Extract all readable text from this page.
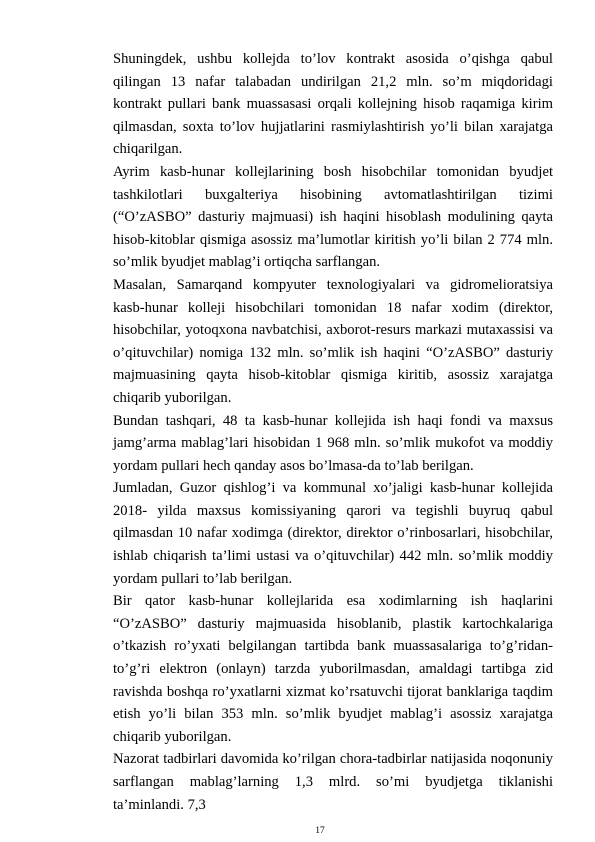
Shuningdek, ushbu kollejda to’lov kontrakt asosida o’qishga qabul qilingan 13 nafar talabadan undirilgan 21,2 mln. so’m miqdoridagi kontrakt pullari bank muassasasi orqali kollejning hisob raqamiga kirim qilmasdan, soxta to’lov hujjatlarini rasmiylashtirish yo’li bilan xarajatga chiqarilgan.

Ayrim kasb-hunar kollejlarining bosh hisobchilar tomonidan byudjet tashkilotlari buxgalteriya hisobining avtomatlashtirilgan tizimi (“O’zASBO” dasturiy majmuasi) ish haqini hisoblash modulining qayta hisob-kitoblar qismiga asossiz ma’lumotlar kiritish yo’li bilan 2 774 mln. so’mlik byudjet mablag’i ortiqcha sarflangan.

Masalan, Samarqand kompyuter texnologiyalari va gidromelioratsiya kasb-hunar kolleji hisobchilari tomonidan 18 nafar xodim (direktor, hisobchilar, yotoqxona navbatchisi, axborot-resurs markazi mutaxassisi va o’qituvchilar) nomiga 132 mln. so’mlik ish haqini “O’zASBO” dasturiy majmuasining qayta hisob-kitoblar qismiga kiritib, asossiz xarajatga chiqarib yuborilgan.

Bundan tashqari, 48 ta kasb-hunar kollejida ish haqi fondi va maxsus jamg’arma mablag’lari hisobidan 1 968 mln. so’mlik mukofot va moddiy yordam pullari hech qanday asos bo’lmasa-da to’lab berilgan.

Jumladan, Guzor qishlog’i va kommunal xo’jaligi kasb-hunar kollejida 2018- yilda maxsus komissiyaning qarori va tegishli buyruq qabul qilmasdan 10 nafar xodimga (direktor, direktor o’rinbosarlari, hisobchilar, ishlab chiqarish ta’limi ustasi va o’qituvchilar) 442 mln. so’mlik moddiy yordam pullari to’lab berilgan.

Bir qator kasb-hunar kollejlarida esa xodimlarning ish haqlarini “O’zASBO” dasturiy majmuasida hisoblanib, plastik kartochkalariga o’tkazish ro’yxati belgilangan tartibda bank muassasalariga to’g’ridan-to’g’ri elektron (onlayn) tarzda yuborilmasdan, amaldagi tartibga zid ravishda boshqa ro’yxatlarni xizmat ko’rsatuvchi tijorat banklariga taqdim etish yo’li bilan 353 mln. so’mlik byudjet mablag’i asossiz xarajatga chiqarib yuborilgan.

Nazorat tadbirlari davomida ko’rilgan chora-tadbirlar natijasida noqonuniy sarflangan mablag’larning 1,3 mlrd. so’mi byudjetga tiklanishi ta’minlandi. 7,3

17
